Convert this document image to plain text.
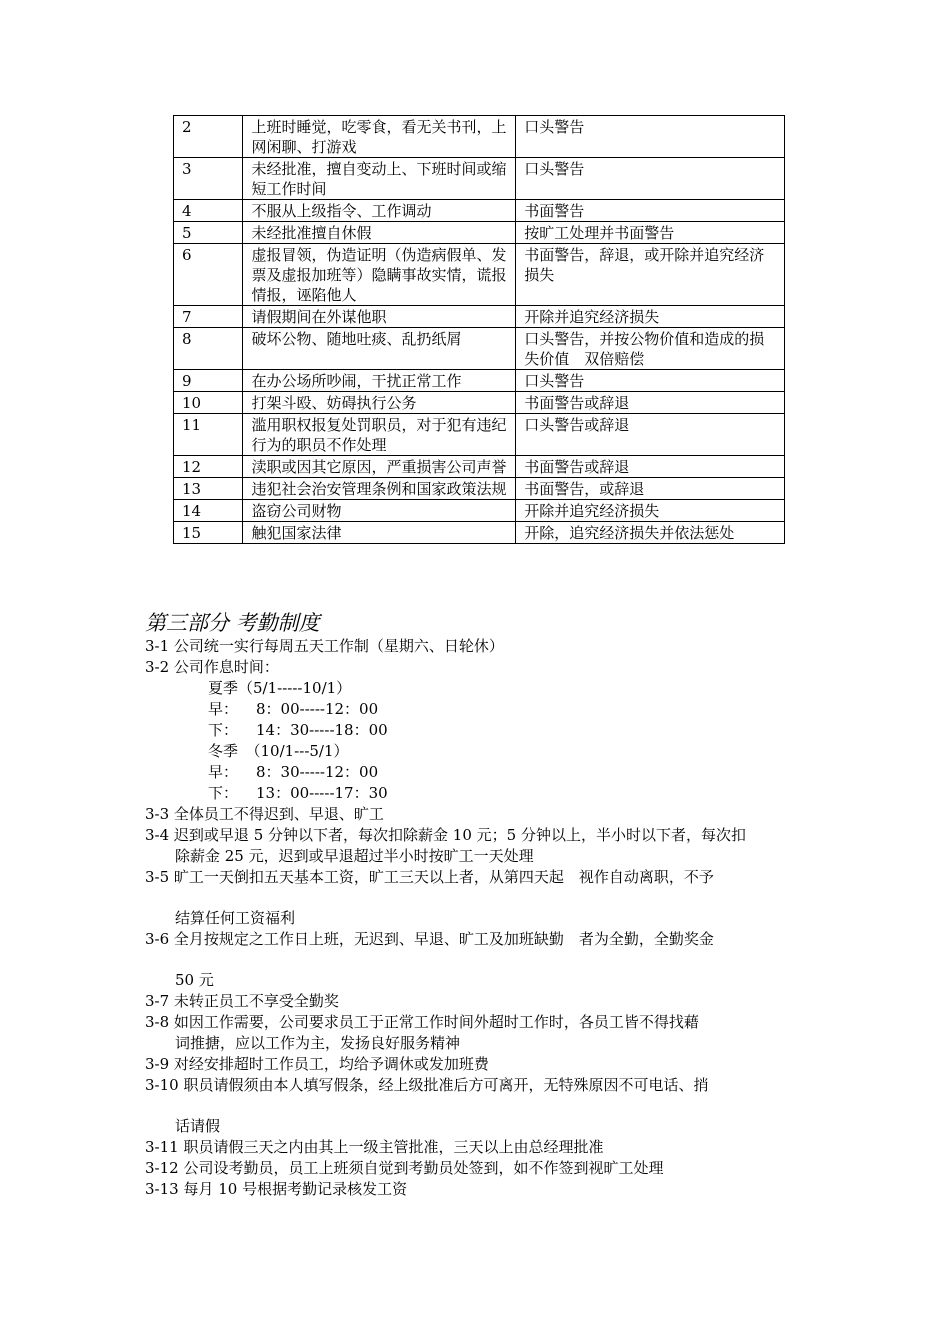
2	上班时睡觉，吃零食，看无关书刊，上网闲聊、打游戏	口头警告
3	未经批准，擅自变动上、下班时间或缩短工作时间	口头警告
4	不服从上级指令、工作调动	书面警告
5	未经批准擅自休假	按旷工处理并书面警告
6	虚报冒领，伪造证明（伪造病假单、发票及虚报加班等）隐瞒事故实情，谎报情报，诬陷他人	书面警告，辞退，或开除并追究经济损失
7	请假期间在外谋他职	开除并追究经济损失
8	破坏公物、随地吐痰、乱扔纸屑	口头警告，并按公物价值和造成的损失价值　双倍赔偿
9	在办公场所吵闹，干扰正常工作	口头警告
10	打架斗殴、妨碍执行公务	书面警告或辞退
11	滥用职权报复处罚职员，对于犯有违纪行为的职员不作处理	口头警告或辞退
12	渎职或因其它原因，严重损害公司声誉	书面警告或辞退
13	违犯社会治安管理条例和国家政策法规	书面警告，或辞退
14	盗窃公司财物	开除并追究经济损失
15	触犯国家法律	开除，追究经济损失并依法惩处
第三部分 考勤制度
3-1 公司统一实行每周五天工作制（星期六、日轮休）
3-2 公司作息时间：
夏季（5/1-----10/1）
早： 8：00-----12：00
下： 14：30-----18：00
冬季　（10/1---5/1）
早： 8：30-----12：00
下： 13：00-----17：30
3-3 全体员工不得迟到、早退、旷工
3-4 迟到或早退 5 分钟以下者，每次扣除薪金 10 元；5 分钟以上，半小时以下者，每次扣
除薪金 25 元，迟到或早退超过半小时按旷工一天处理
3-5 旷工一天倒扣五天基本工资，旷工三天以上者，从第四天起　视作自动离职，不予
结算任何工资福利
3-6 全月按规定之工作日上班，无迟到、早退、旷工及加班缺勤　者为全勤，全勤奖金
50 元
3-7 未转正员工不享受全勤奖
3-8 如因工作需要，公司要求员工于正常工作时间外超时工作时，各员工皆不得找藉
词推搪，应以工作为主，发扬良好服务精神
3-9 对经安排超时工作员工，均给予调休或发加班费
3-10 职员请假须由本人填写假条，经上级批准后方可离开，无特殊原因不可电话、捎
话请假
3-11 职员请假三天之内由其上一级主管批准，三天以上由总经理批准
3-12 公司设考勤员，员工上班须自觉到考勤员处签到，如不作签到视旷工处理
3-13 每月 10 号根据考勤记录核发工资
